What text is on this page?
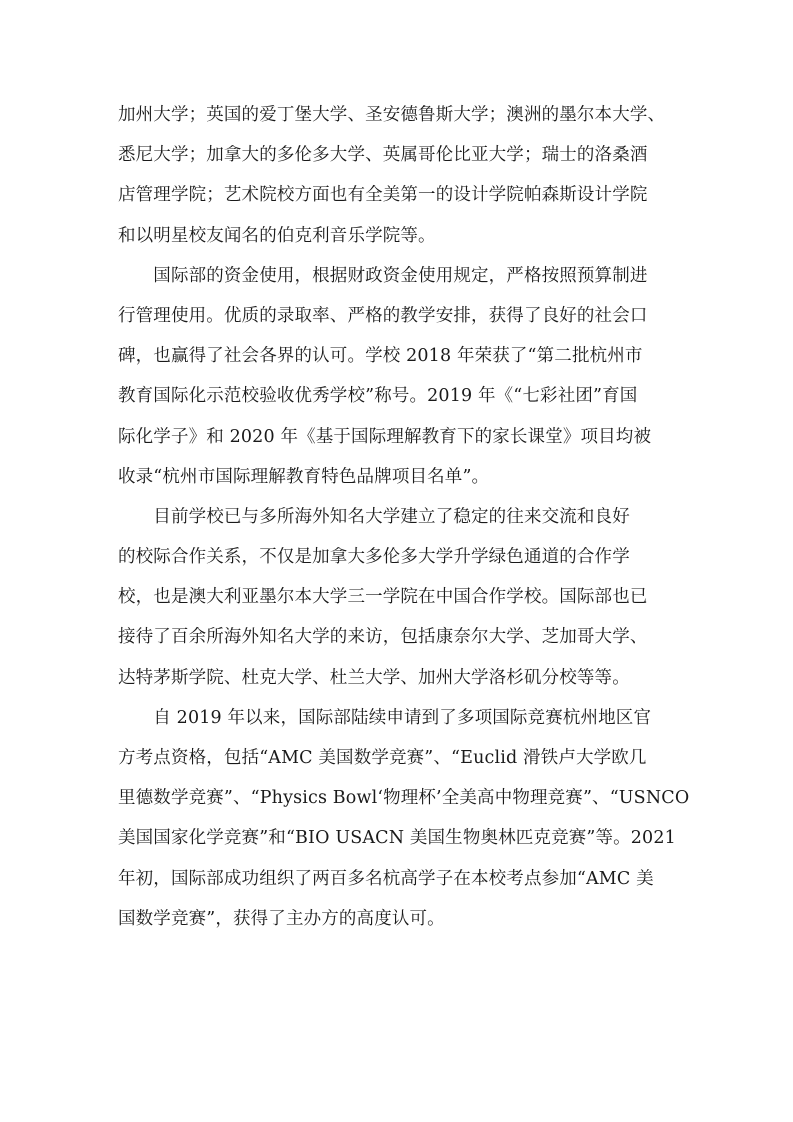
加州大学；英国的爱丁堡大学、圣安德鲁斯大学；澳洲的墨尔本大学、
悉尼大学；加拿大的多伦多大学、英属哥伦比亚大学；瑞士的洛桑酒
店管理学院；艺术院校方面也有全美第一的设计学院帕森斯设计学院
和以明星校友闻名的伯克利音乐学院等。
　　国际部的资金使用，根据财政资金使用规定，严格按照预算制进
行管理使用。优质的录取率、严格的教学安排，获得了良好的社会口
碑，也赢得了社会各界的认可。学校 2018 年荣获了“第二批杭州市
教育国际化示范校验收优秀学校”称号。2019 年《“七彩社团”育国
际化学子》和 2020 年《基于国际理解教育下的家长课堂》项目均被
收录“杭州市国际理解教育特色品牌项目名单”。
　　目前学校已与多所海外知名大学建立了稳定的往来交流和良好
的校际合作关系，不仅是加拿大多伦多大学升学绿色通道的合作学
校，也是澳大利亚墨尔本大学三一学院在中国合作学校。国际部也已
接待了百余所海外知名大学的来访，包括康奈尔大学、芝加哥大学、
达特茅斯学院、杜克大学、杜兰大学、加州大学洛杉矶分校等等。
　　自 2019 年以来，国际部陆续申请到了多项国际竞赛杭州地区官
方考点资格，包括“AMC 美国数学竞赛”、“Euclid 滑铁卢大学欧几
里德数学竞赛”、“Physics Bowl‘物理杯’全美高中物理竞赛”、“USNCO
美国国家化学竞赛”和“BIO USACN 美国生物奥林匹克竞赛”等。2021
年初，国际部成功组织了两百多名杭高学子在本校考点参加“AMC 美
国数学竞赛”，获得了主办方的高度认可。
